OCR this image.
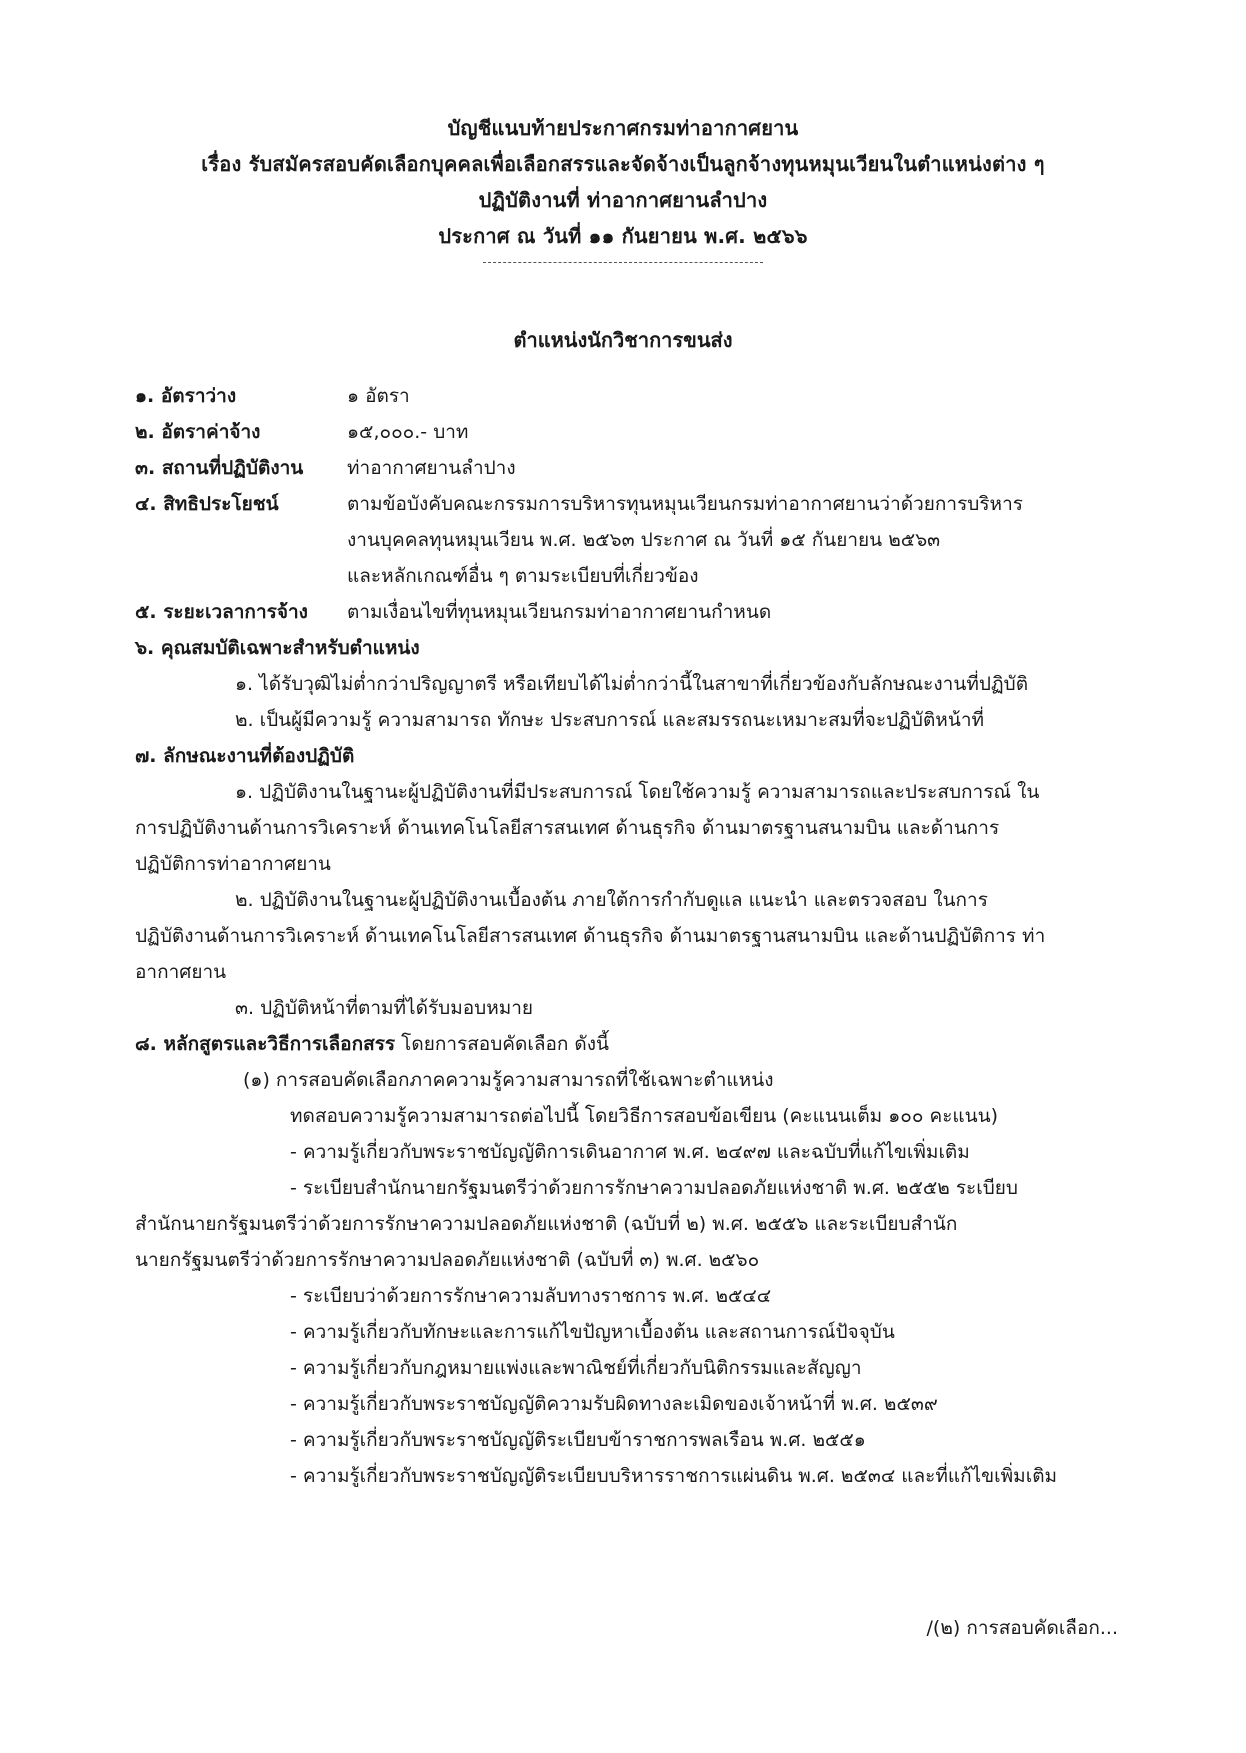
บัญชีแนบท้ายประกาศกรมท่าอากาศยาน
เรื่อง รับสมัครสอบคัดเลือกบุคคลเพื่อเลือกสรรและจัดจ้างเป็นลูกจ้างทุนหมุนเวียนในตำแหน่งต่าง ๆ
ปฏิบัติงานที่ ท่าอากาศยานลำปาง
ประกาศ ณ วันที่ ๑๑ กันยายน พ.ศ. ๒๕๖๖
ตำแหน่งนักวิชาการขนส่ง
๑. อัตราว่าง	๑ อัตรา
๒. อัตราค่าจ้าง	๑๕,๐๐๐.- บาท
๓. สถานที่ปฏิบัติงาน	ท่าอากาศยานลำปาง
๔. สิทธิประโยชน์	ตามข้อบังคับคณะกรรมการบริหารทุนหมุนเวียนกรมท่าอากาศยานว่าด้วยการบริหาร
งานบุคคลทุนหมุนเวียน พ.ศ. ๒๕๖๓ ประกาศ ณ วันที่ ๑๕ กันยายน ๒๕๖๓
และหลักเกณฑ์อื่น ๆ ตามระเบียบที่เกี่ยวข้อง
๕. ระยะเวลาการจ้าง	ตามเงื่อนไขที่ทุนหมุนเวียนกรมท่าอากาศยานกำหนด
๖. คุณสมบัติเฉพาะสำหรับตำแหน่ง
๑. ได้รับวุฒิไม่ต่ำกว่าปริญญาตรี หรือเทียบได้ไม่ต่ำกว่านี้ในสาขาที่เกี่ยวข้องกับลักษณะงานที่ปฏิบัติ
๒. เป็นผู้มีความรู้ ความสามารถ ทักษะ ประสบการณ์ และสมรรถนะเหมาะสมที่จะปฏิบัติหน้าที่
๗. ลักษณะงานที่ต้องปฏิบัติ
๑. ปฏิบัติงานในฐานะผู้ปฏิบัติงานที่มีประสบการณ์ โดยใช้ความรู้ ความสามารถและประสบการณ์ ใน
การปฏิบัติงานด้านการวิเคราะห์ ด้านเทคโนโลยีสารสนเทศ ด้านธุรกิจ ด้านมาตรฐานสนามบิน และด้านการ
ปฏิบัติการท่าอากาศยาน
๒. ปฏิบัติงานในฐานะผู้ปฏิบัติงานเบื้องต้น ภายใต้การกำกับดูแล แนะนำ และตรวจสอบ ในการ
ปฏิบัติงานด้านการวิเคราะห์ ด้านเทคโนโลยีสารสนเทศ ด้านธุรกิจ ด้านมาตรฐานสนามบิน และด้านปฏิบัติการ ท่า
อากาศยาน
๓. ปฏิบัติหน้าที่ตามที่ได้รับมอบหมาย
๘. หลักสูตรและวิธีการเลือกสรร โดยการสอบคัดเลือก ดังนี้
(๑) การสอบคัดเลือกภาคความรู้ความสามารถที่ใช้เฉพาะตำแหน่ง
ทดสอบความรู้ความสามารถต่อไปนี้ โดยวิธีการสอบข้อเขียน (คะแนนเต็ม ๑๐๐ คะแนน)
- ความรู้เกี่ยวกับพระราชบัญญัติการเดินอากาศ พ.ศ. ๒๔๙๗ และฉบับที่แก้ไขเพิ่มเติม
- ระเบียบสำนักนายกรัฐมนตรีว่าด้วยการรักษาความปลอดภัยแห่งชาติ พ.ศ. ๒๕๕๒ ระเบียบ
สำนักนายกรัฐมนตรีว่าด้วยการรักษาความปลอดภัยแห่งชาติ (ฉบับที่ ๒) พ.ศ. ๒๕๕๖ และระเบียบสำนัก
นายกรัฐมนตรีว่าด้วยการรักษาความปลอดภัยแห่งชาติ (ฉบับที่ ๓) พ.ศ. ๒๕๖๐
- ระเบียบว่าด้วยการรักษาความลับทางราชการ พ.ศ. ๒๕๔๔
- ความรู้เกี่ยวกับทักษะและการแก้ไขปัญหาเบื้องต้น และสถานการณ์ปัจจุบัน
- ความรู้เกี่ยวกับกฎหมายแพ่งและพาณิชย์ที่เกี่ยวกับนิติกรรมและสัญญา
- ความรู้เกี่ยวกับพระราชบัญญัติความรับผิดทางละเมิดของเจ้าหน้าที่ พ.ศ. ๒๕๓๙
- ความรู้เกี่ยวกับพระราชบัญญัติระเบียบข้าราชการพลเรือน พ.ศ. ๒๕๕๑
- ความรู้เกี่ยวกับพระราชบัญญัติระเบียบบริหารราชการแผ่นดิน พ.ศ. ๒๕๓๔ และที่แก้ไขเพิ่มเติม
/(๒) การสอบคัดเลือก...
